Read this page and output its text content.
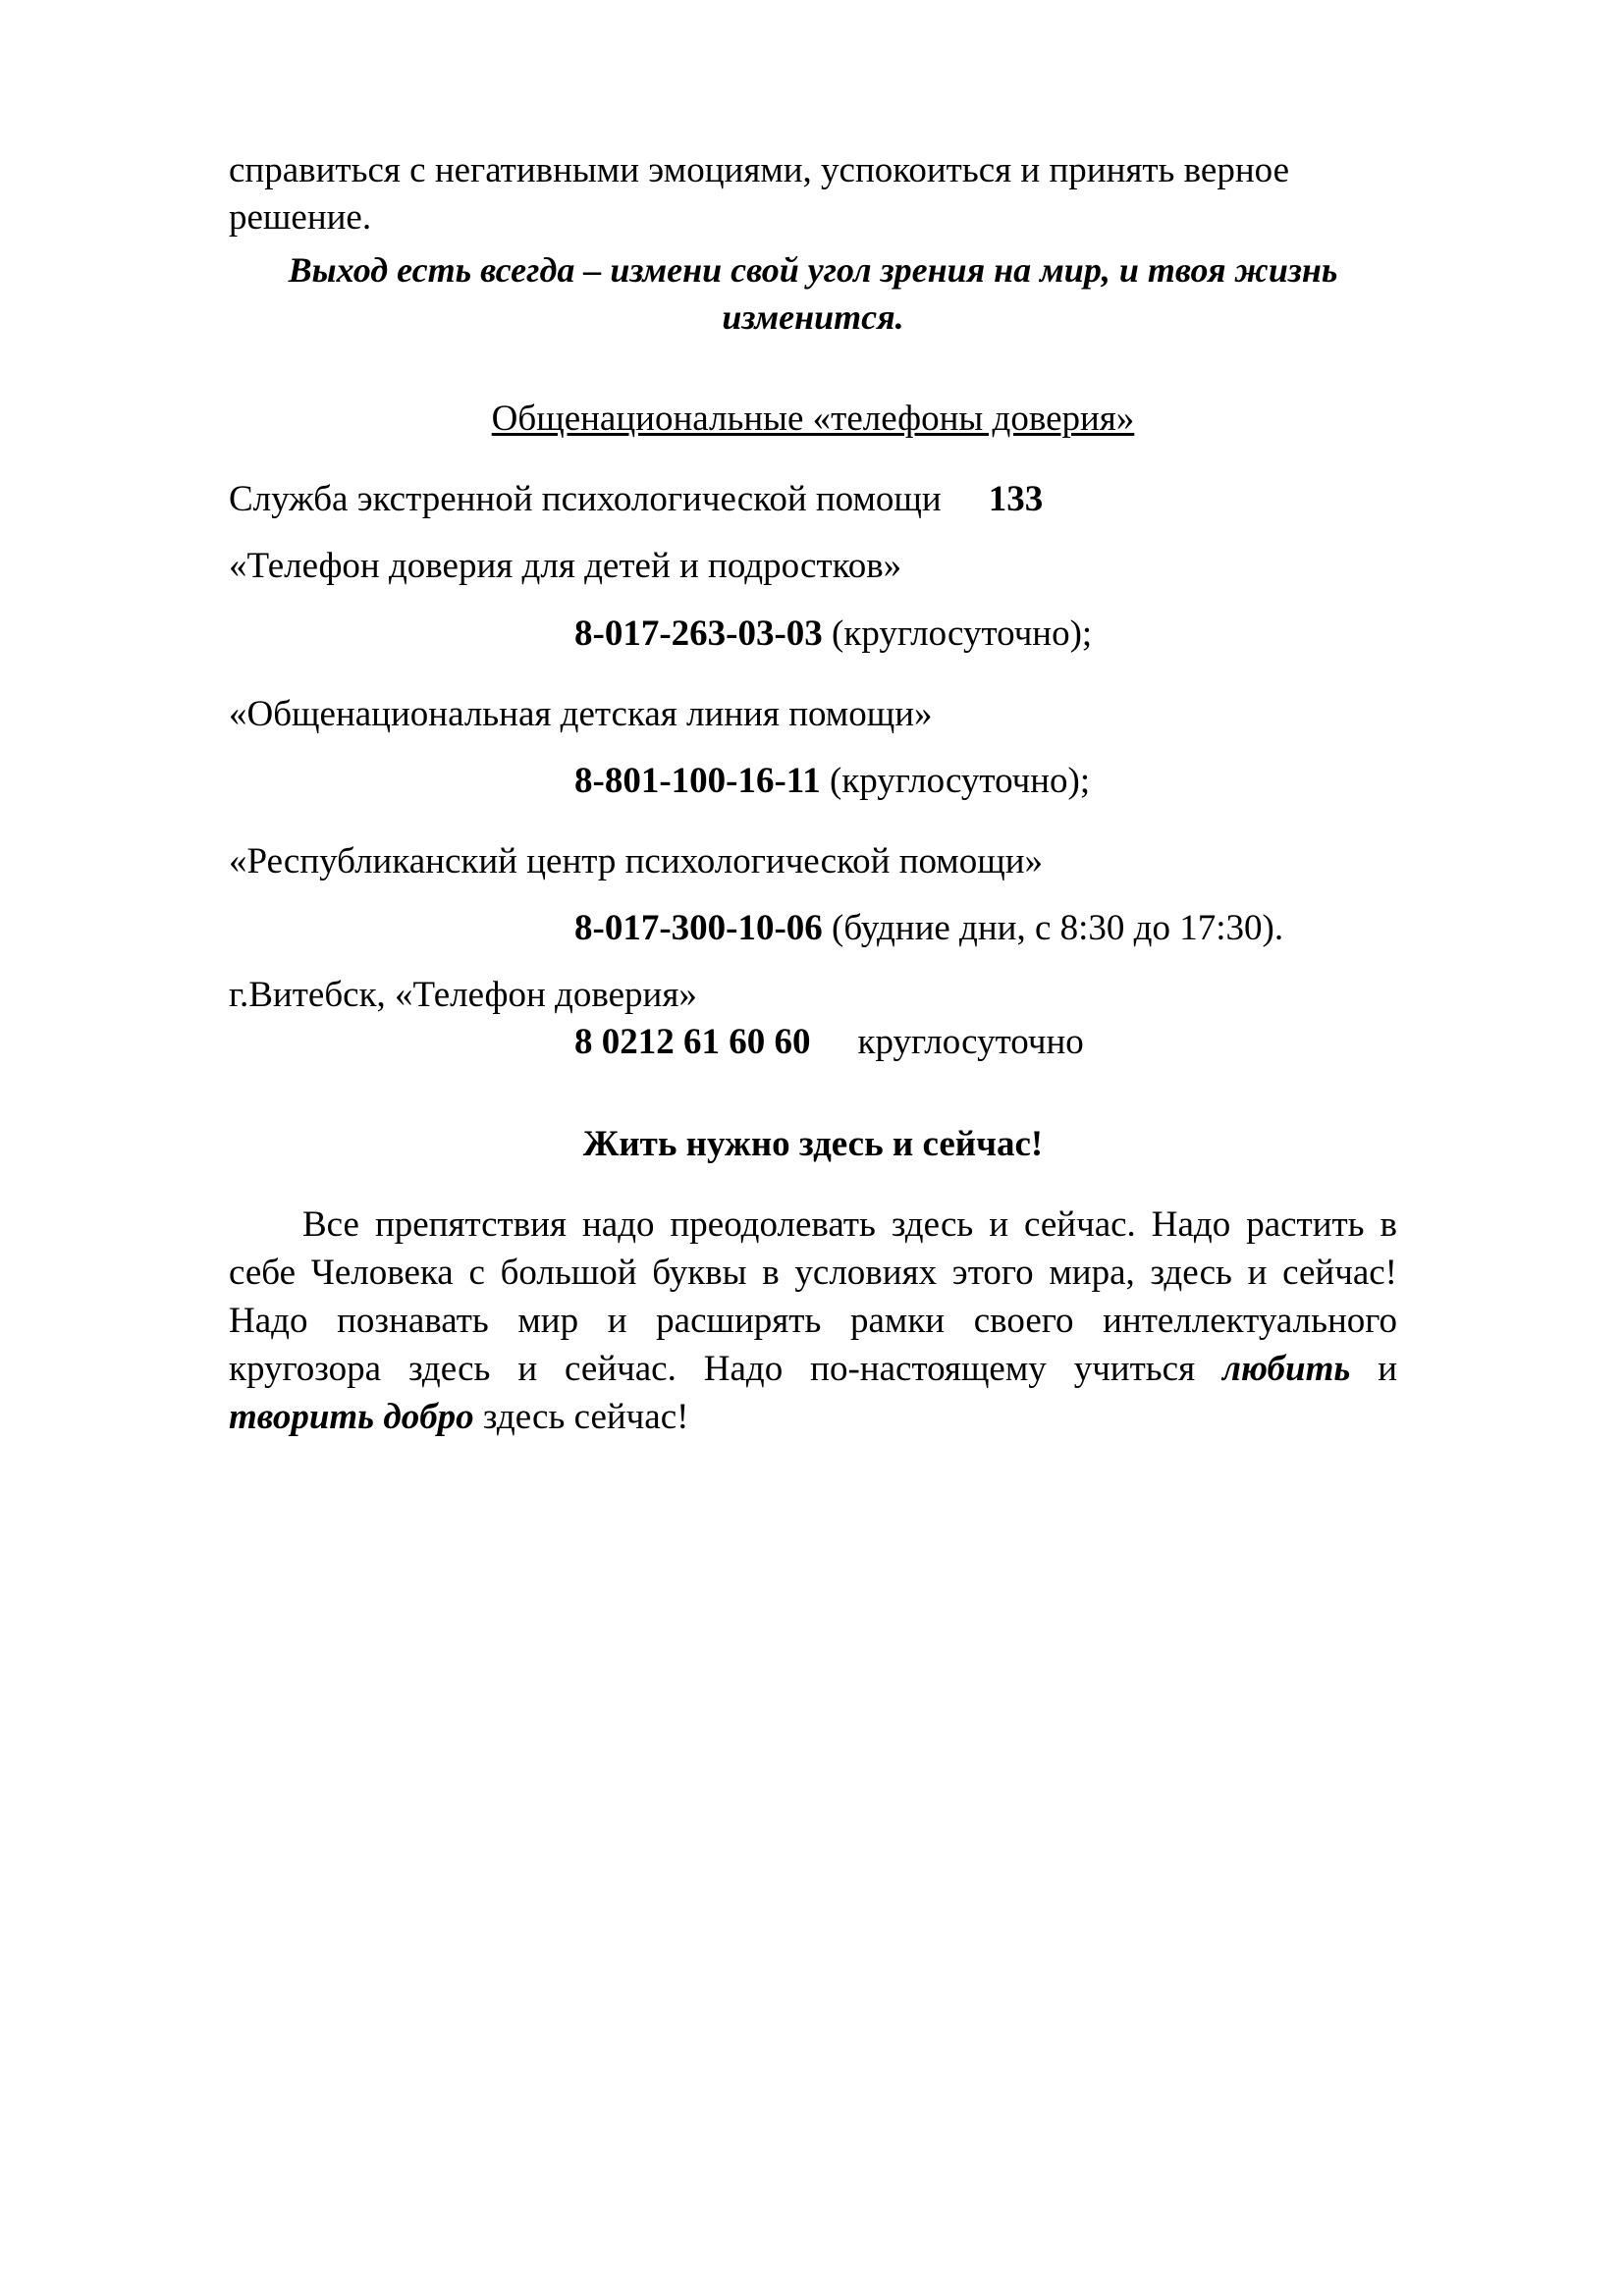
справиться с негативными эмоциями, успокоиться и принять верное решение.

Выход есть всегда – измени свой угол зрения на мир, и твоя жизнь изменится.

Общенациональные «телефоны доверия»

Служба экстренной психологической помощи 133

«Телефон доверия для детей и подростков»

8-017-263-03-03 (круглосуточно);

«Общенациональная детская линия помощи»

8-801-100-16-11 (круглосуточно);

«Республиканский центр психологической помощи»

8-017-300-10-06 (будние дни, с 8:30 до 17:30).

г.Витебск, «Телефон доверия»

8 0212 61 60 60 круглосуточно

Жить нужно здесь и сейчас!

Все препятствия надо преодолевать здесь и сейчас. Надо растить в себе Человека с большой буквы в условиях этого мира, здесь и сейчас! Надо познавать мир и расширять рамки своего интеллектуального кругозора здесь и сейчас. Надо по-настоящему учиться любить и творить добро здесь сейчас!
